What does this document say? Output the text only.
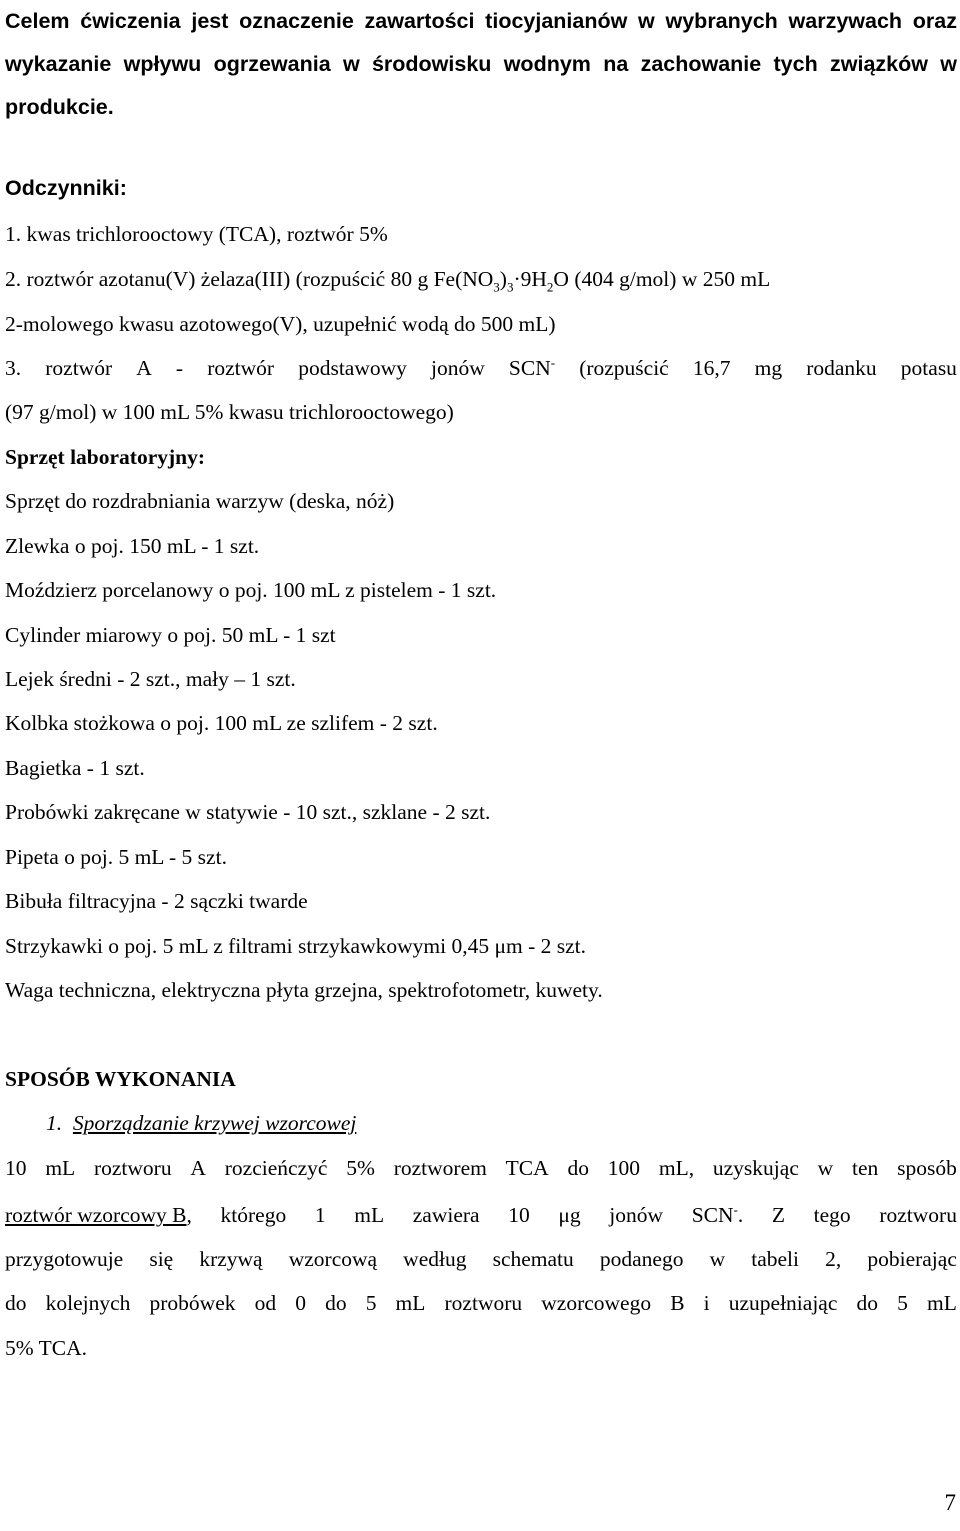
Celem ćwiczenia jest oznaczenie zawartości tiocyjanianów w wybranych warzywach oraz wykazanie wpływu ogrzewania w środowisku wodnym na zachowanie tych związków w produkcie.
Odczynniki:
1. kwas trichlorooctowy (TCA), roztwór 5%
2. roztwór azotanu(V) żelaza(III) (rozpuścić 80 g $Fe(NO_3)_3\cdot 9H_2O$ (404 g/mol) w 250 mL
2-molowego kwasu azotowego(V), uzupełnić wodą do 500 mL)
3. roztwór A - roztwór podstawowy jonów SCN- (rozpuścić 16,7 mg rodanku potasu
(97 g/mol) w 100 mL 5% kwasu trichlorooctowego)
Sprzęt laboratoryjny:
Sprzęt do rozdrabniania warzyw (deska, nóż)
Zlewka o poj. 150 mL - 1 szt.
Moździerz porcelanowy o poj. 100 mL z pistelem - 1 szt.
Cylinder miarowy o poj. 50 mL - 1 szt
Lejek średni - 2 szt., mały – 1 szt.
Kolbka stożkowa o poj. 100 mL ze szlifem - 2 szt.
Bagietka - 1 szt.
Probówki zakręcane w statywie - 10 szt., szklane - 2 szt.
Pipeta o poj. 5 mL - 5 szt.
Bibuła filtracyjna - 2 sączki twarde
Strzykawki o poj. 5 mL z filtrami strzykawkowymi 0,45 μm - 2 szt.
Waga techniczna, elektryczna płyta grzejna, spektrofotometr, kuwety.
SPOSÓB WYKONANIA
1. Sporządzanie krzywej wzorcowej
10 mL roztworu A rozcieńczyć 5% roztworem TCA do 100 mL, uzyskując w ten sposób
roztwór wzorcowy B, którego 1 mL zawiera 10 μg jonów SCN-. Z tego roztworu
przygotowuje się krzywą wzorcową według schematu podanego w tabeli 2, pobierając
do kolejnych probówek od 0 do 5 mL roztworu wzorcowego B i uzupełniając do 5 mL
5% TCA.
7
